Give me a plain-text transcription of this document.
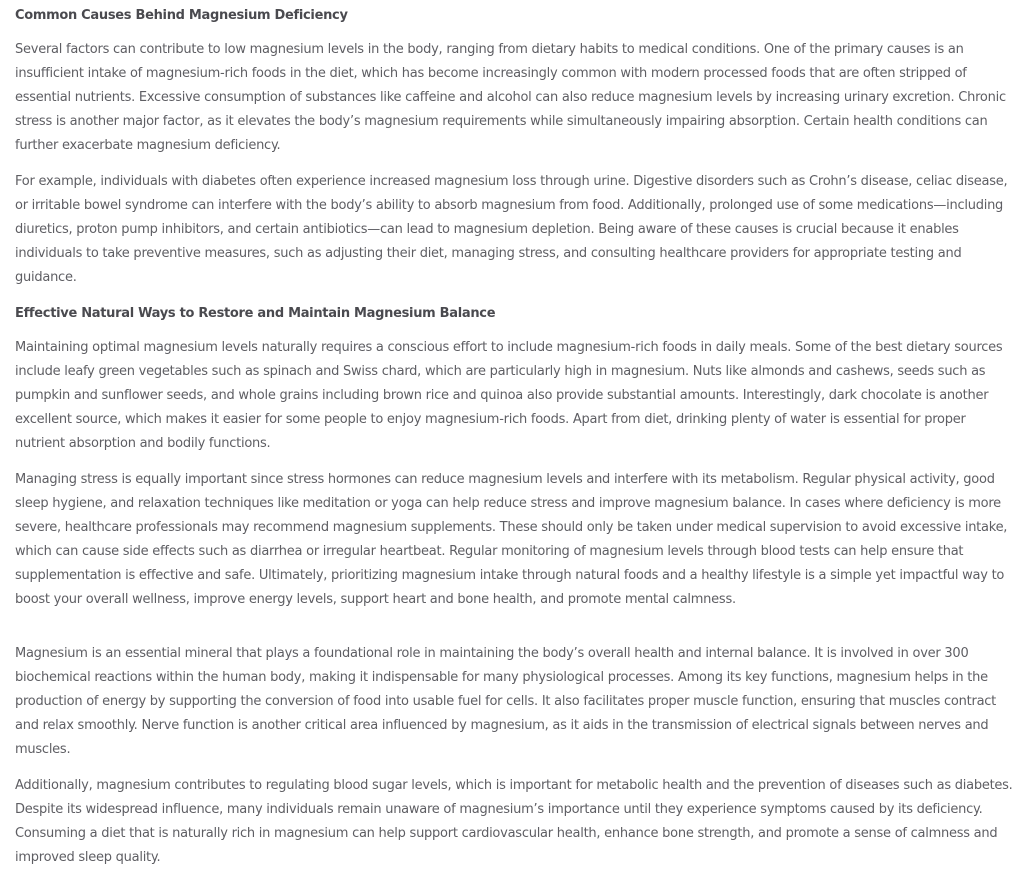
Common Causes Behind Magnesium Deficiency

Several factors can contribute to low magnesium levels in the body, ranging from dietary habits to medical conditions. One of the primary causes is an insufficient intake of magnesium-rich foods in the diet, which has become increasingly common with modern processed foods that are often stripped of essential nutrients. Excessive consumption of substances like caffeine and alcohol can also reduce magnesium levels by increasing urinary excretion. Chronic stress is another major factor, as it elevates the body’s magnesium requirements while simultaneously impairing absorption. Certain health conditions can further exacerbate magnesium deficiency.

For example, individuals with diabetes often experience increased magnesium loss through urine. Digestive disorders such as Crohn’s disease, celiac disease, or irritable bowel syndrome can interfere with the body’s ability to absorb magnesium from food. Additionally, prolonged use of some medications—including diuretics, proton pump inhibitors, and certain antibiotics—can lead to magnesium depletion. Being aware of these causes is crucial because it enables individuals to take preventive measures, such as adjusting their diet, managing stress, and consulting healthcare providers for appropriate testing and guidance.

Effective Natural Ways to Restore and Maintain Magnesium Balance

Maintaining optimal magnesium levels naturally requires a conscious effort to include magnesium-rich foods in daily meals. Some of the best dietary sources include leafy green vegetables such as spinach and Swiss chard, which are particularly high in magnesium. Nuts like almonds and cashews, seeds such as pumpkin and sunflower seeds, and whole grains including brown rice and quinoa also provide substantial amounts. Interestingly, dark chocolate is another excellent source, which makes it easier for some people to enjoy magnesium-rich foods. Apart from diet, drinking plenty of water is essential for proper nutrient absorption and bodily functions.

Managing stress is equally important since stress hormones can reduce magnesium levels and interfere with its metabolism. Regular physical activity, good sleep hygiene, and relaxation techniques like meditation or yoga can help reduce stress and improve magnesium balance. In cases where deficiency is more severe, healthcare professionals may recommend magnesium supplements. These should only be taken under medical supervision to avoid excessive intake, which can cause side effects such as diarrhea or irregular heartbeat. Regular monitoring of magnesium levels through blood tests can help ensure that supplementation is effective and safe. Ultimately, prioritizing magnesium intake through natural foods and a healthy lifestyle is a simple yet impactful way to boost your overall wellness, improve energy levels, support heart and bone health, and promote mental calmness.

Magnesium is an essential mineral that plays a foundational role in maintaining the body’s overall health and internal balance. It is involved in over 300 biochemical reactions within the human body, making it indispensable for many physiological processes. Among its key functions, magnesium helps in the production of energy by supporting the conversion of food into usable fuel for cells. It also facilitates proper muscle function, ensuring that muscles contract and relax smoothly. Nerve function is another critical area influenced by magnesium, as it aids in the transmission of electrical signals between nerves and muscles.

Additionally, magnesium contributes to regulating blood sugar levels, which is important for metabolic health and the prevention of diseases such as diabetes. Despite its widespread influence, many individuals remain unaware of magnesium’s importance until they experience symptoms caused by its deficiency. Consuming a diet that is naturally rich in magnesium can help support cardiovascular health, enhance bone strength, and promote a sense of calmness and improved sleep quality.
